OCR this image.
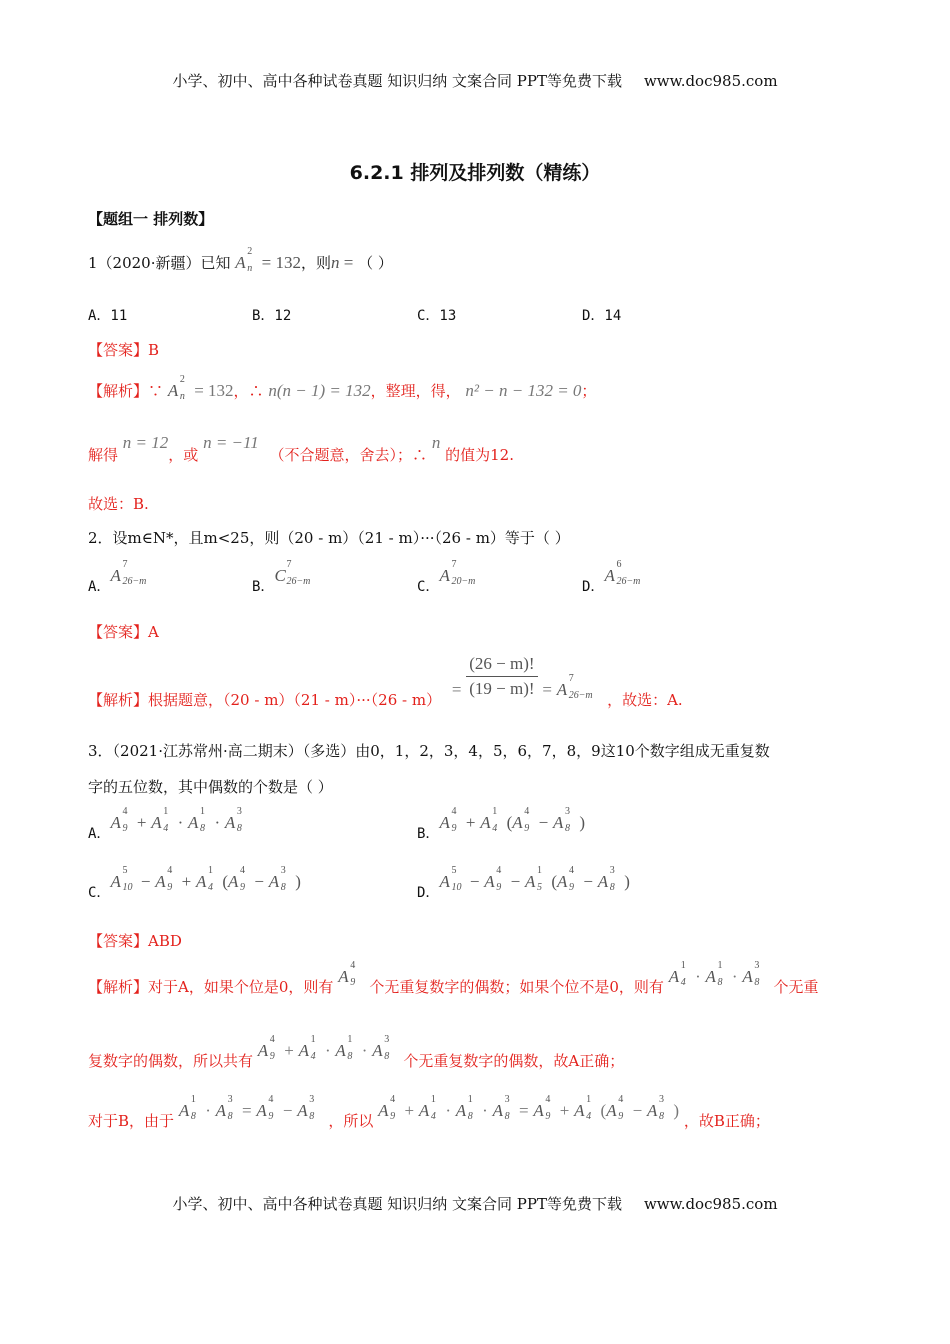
小学、初中、高中各种试卷真题 知识归纳 文案合同 PPT等免费下载 www.doc985.com
6.2.1 排列及排列数（精练）
【题组一 排列数】
1（2020·新疆）已知 A
2
n = 132，则n = （ ）
A．11	B．12	C．13	D．14
【答案】B
【解析】∵ A
2
n = 132，∴ n(n − 1) = 132，整理，得， n² − n − 132 = 0；
解得 n = 12，或 n = −11 （不合题意，舍去）；∴ n 的值为12.
故选：B.
2．设m∈N*，且m<25，则（20 - m）（21 - m）···（26 - m）等于（ ）
A．A
7
26−m	B．C
7
26−m	C．A
7
20−m	D．A
6
26−m
【答案】A
【解析】根据题意，$(20 - m)(21 - m)\cdot\cdot\cdot(26 - m) = \frac{(26 - m)!}{(19 - m)!} = A$
7
26−m ，故选：A.
3．（2021·江苏常州·高二期末）（多选）由0，1，2，3，4，5，6，7，8，9这10个数字组成无重复数
字的五位数，其中偶数的个数是（ ）
A．A
4
9 + A
1
4 · A
1
8 · A
3
8	B．A
4
9 + A
1
4 (A
4
9 − A
3
8 )
C．A
5
10 − A
4
9 + A
1
4 (A
4
9 − A
3
8 )
D．A
5
10 − A
4
9 − A
1
5 (A
4
9 − A
3
8 )
【答案】ABD
【解析】对于A，如果个位是0，则有 A
4
9 个无重复数字的偶数；如果个位不是0，则有 A
1
4 · A
1
8 · A
3
8 个无重
复数字的偶数，所以共有 A
4
9 + A
1
4 · A
1
8 · A
3
8 个无重复数字的偶数，故A正确；
对于B，由于 A
1
8 · A
3
8 = A
4
9 − A
3
8 ，所以 A
4
9 + A
1
4 · A
1
8 · A
3
8 = A
4
9 + A
1
4 (A
4
9 − A
3
8 ) ，故B正确；
小学、初中、高中各种试卷真题 知识归纳 文案合同 PPT等免费下载 www.doc985.com
